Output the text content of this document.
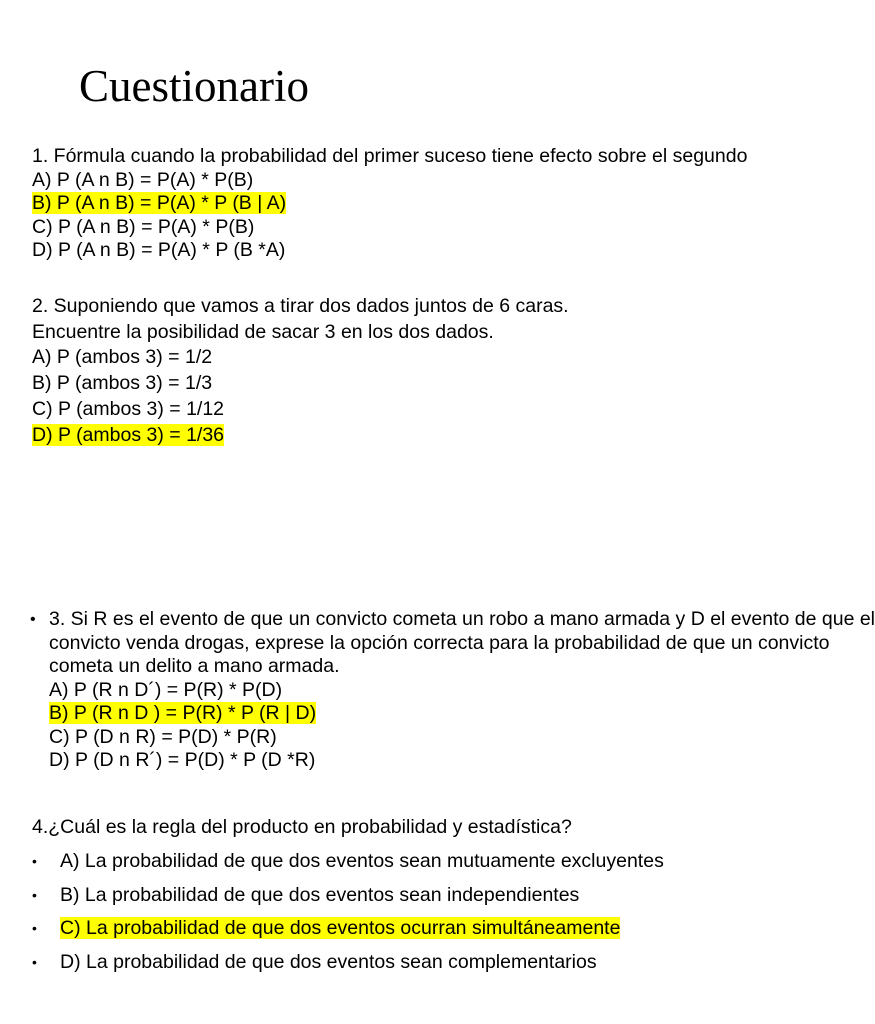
Cuestionario
1. Fórmula cuando la probabilidad del primer suceso tiene efecto sobre el segundo
A) P (A n B) = P(A) * P(B)
B) P (A n B) = P(A) * P (B | A)
C) P (A n B) = P(A) * P(B)
D) P (A n B) = P(A) * P (B *A)
2. Suponiendo que vamos a tirar dos dados juntos de 6 caras.
Encuentre la posibilidad de sacar 3 en los dos dados.
A) P (ambos 3) = 1/2
B) P (ambos 3) = 1/3
C) P (ambos 3) = 1/12
D) P (ambos 3) = 1/36
• 3. Si R es el evento de que un convicto cometa un robo a mano armada y D el evento de que el
convicto venda drogas, exprese la opción correcta para la probabilidad de que un convicto
cometa un delito a mano armada.
A) P (R n D´) = P(R) * P(D)
B) P (R n D ) = P(R) * P (R | D)
C) P (D n R) = P(D) * P(R)
D) P (D n R´) = P(D) * P (D *R)
4.¿Cuál es la regla del producto en probabilidad y estadística?
• A) La probabilidad de que dos eventos sean mutuamente excluyentes
• B) La probabilidad de que dos eventos sean independientes
• C) La probabilidad de que dos eventos ocurran simultáneamente
• D) La probabilidad de que dos eventos sean complementarios
